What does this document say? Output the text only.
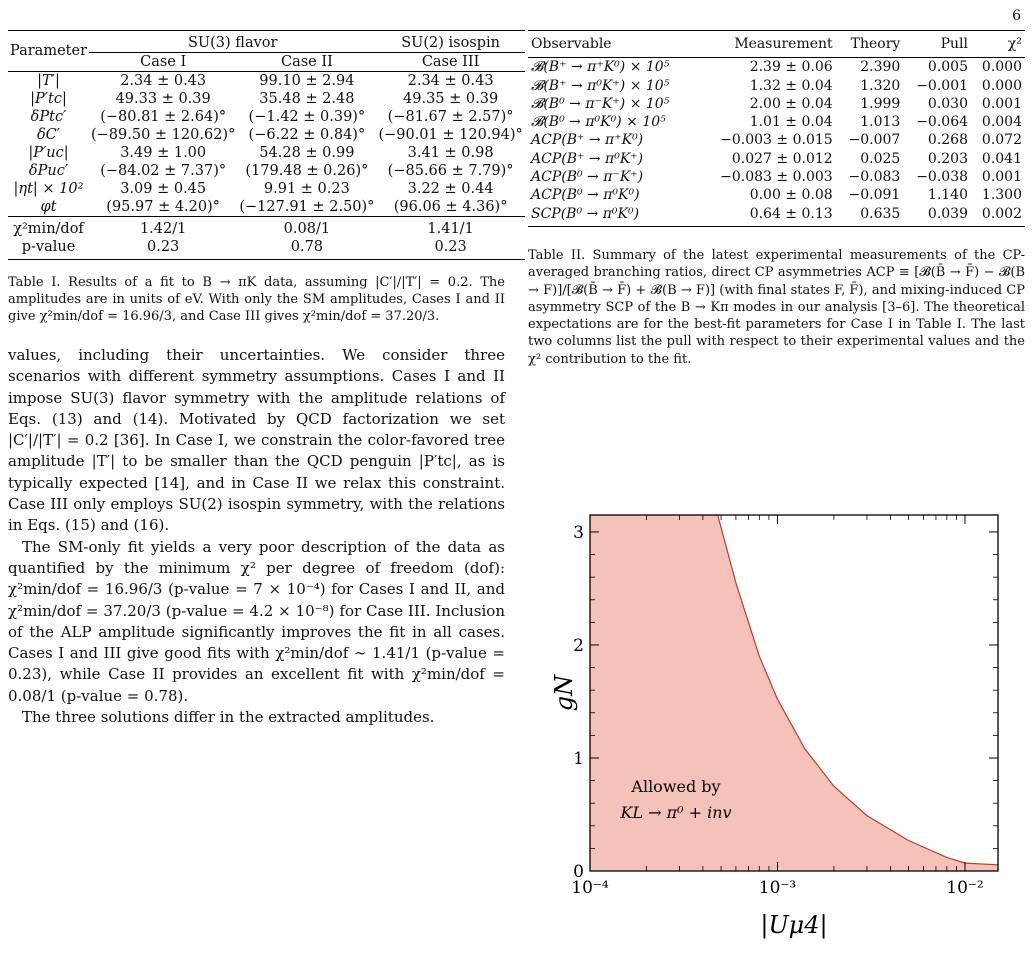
6
Parameter	SU(3) flavor		SU(2) isospin
	Case I	Case II	Case III
|T′|	2.34 ± 0.43	99.10 ± 2.94	2.34 ± 0.43
|P′tc|	49.33 ± 0.39	35.48 ± 2.48	49.35 ± 0.39
δPtc′	(−80.81 ± 2.64)°	(−1.42 ± 0.39)°	(−81.67 ± 2.57)°
δC′	(−89.50 ± 120.62)°	(−6.22 ± 0.84)°	(−90.01 ± 120.94)°
|P′uc|	3.49 ± 1.00	54.28 ± 0.99	3.41 ± 0.98
δPuc′	(−84.02 ± 7.37)°	(179.48 ± 0.26)°	(−85.66 ± 7.79)°
|ηt| × 10²	3.09 ± 0.45	9.91 ± 0.23	3.22 ± 0.44
φt	(95.97 ± 4.20)°	(−127.91 ± 2.50)°	(96.06 ± 4.36)°
χ²min/dof	1.42/1	0.08/1	1.41/1
p-value	0.23	0.78	0.23
Table I. Results of a fit to B → πK data, assuming |C′|/|T′| = 0.2. The amplitudes are in units of eV. With only the SM amplitudes, Cases I and II give χ²min/dof = 16.96/3, and Case III gives χ²min/dof = 37.20/3.

values, including their uncertainties. We consider three scenarios with different symmetry assumptions. Cases I and II impose SU(3) flavor symmetry with the amplitude relations of Eqs. (13) and (14). Motivated by QCD factorization we set |C′|/|T′| = 0.2 [36]. In Case I, we constrain the color-favored tree amplitude |T′| to be smaller than the QCD penguin |P′tc|, as is typically expected [14], and in Case II we relax this constraint. Case III only employs SU(2) isospin symmetry, with the relations in Eqs. (15) and (16).

The SM-only fit yields a very poor description of the data as quantified by the minimum χ² per degree of freedom (dof): χ²min/dof = 16.96/3 (p-value = 7 × 10⁻⁴) for Cases I and II, and χ²min/dof = 37.20/3 (p-value = 4.2 × 10⁻⁸) for Case III. Inclusion of the ALP amplitude significantly improves the fit in all cases. Cases I and III give good fits with χ²min/dof ∼ 1.41/1 (p-value = 0.23), while Case II provides an excellent fit with χ²min/dof = 0.08/1 (p-value = 0.78).

The three solutions differ in the extracted amplitudes.

Observable	Measurement	Theory	Pull	χ²
𝓑(B⁺ → π⁺K⁰) × 10⁵	2.39 ± 0.06	2.390	0.005	0.000
𝓑(B⁺ → π⁰K⁺) × 10⁵	1.32 ± 0.04	1.320	−0.001	0.000
𝓑(B⁰ → π⁻K⁺) × 10⁵	2.00 ± 0.04	1.999	0.030	0.001
𝓑(B⁰ → π⁰K⁰) × 10⁵	1.01 ± 0.04	1.013	−0.064	0.004
ACP(B⁺ → π⁺K⁰)	−0.003 ± 0.015	−0.007	0.268	0.072
ACP(B⁺ → π⁰K⁺)	0.027 ± 0.012	0.025	0.203	0.041
ACP(B⁰ → π⁻K⁺)	−0.083 ± 0.003	−0.083	−0.038	0.001
ACP(B⁰ → π⁰K⁰)	0.00 ± 0.08	−0.091	1.140	1.300
SCP(B⁰ → π⁰K⁰)	0.64 ± 0.13	0.635	0.039	0.002
Table II. Summary of the latest experimental measurements of the CP-averaged branching ratios, direct CP asymmetries ACP ≡ [𝓑(B̄ → F̄) − 𝓑(B → F)]/[𝓑(B̄ → F̄) + 𝓑(B → F)] (with final states F, F̄), and mixing-induced CP asymmetry SCP of the B → Kπ modes in our analysis [3–6]. The theoretical expectations are for the best-fit parameters for Case I in Table I. The last two columns list the pull with respect to their experimental values and the χ² contribution to the fit.
0
1
2
3
10⁻⁴	10⁻³	10⁻²
|Uμ4|
gN
Allowed by
KL → π⁰ + inv
